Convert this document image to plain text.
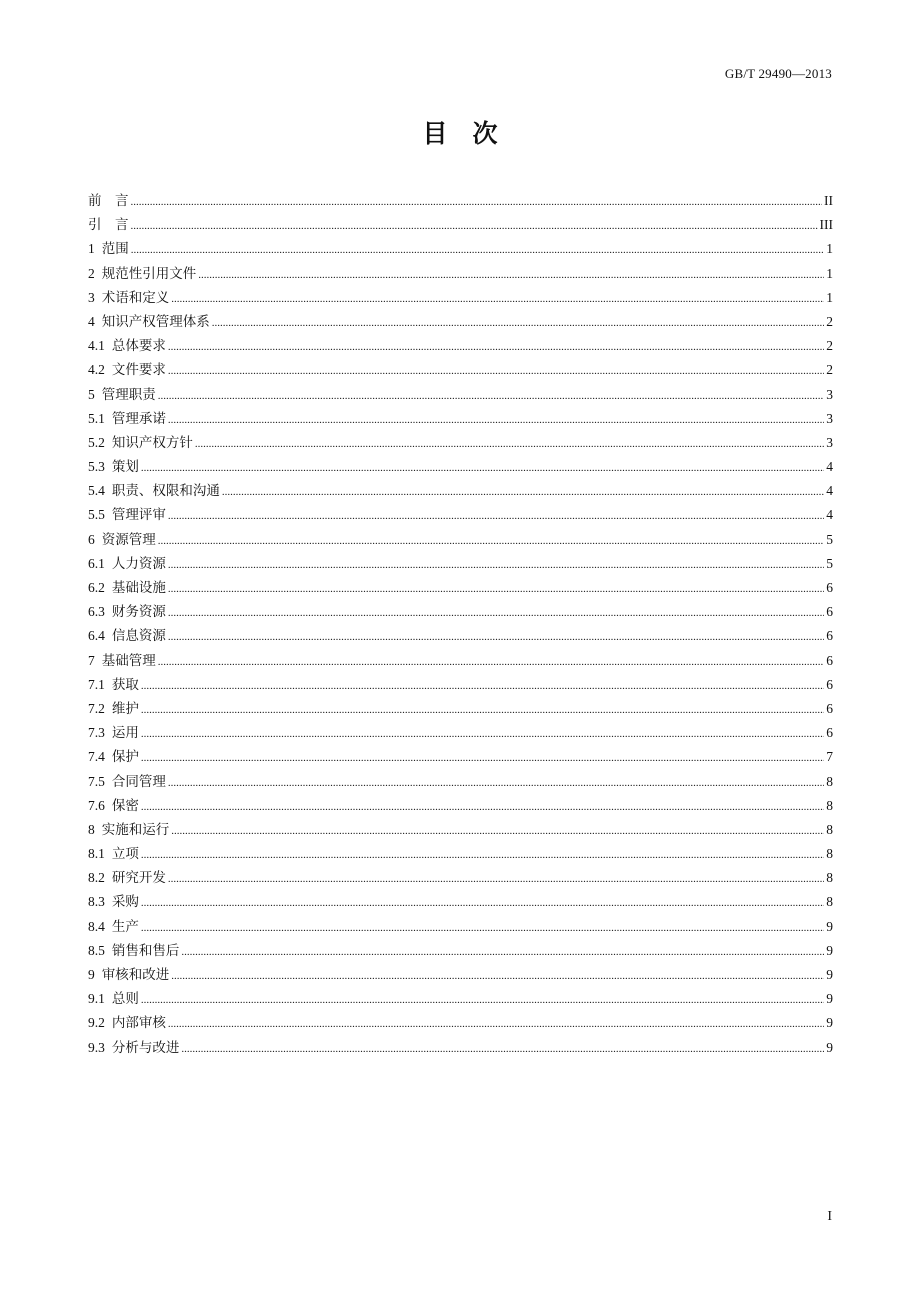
GB/T 29490—2013
目　次
前　言 .....	II
引　言 .....	III
1 范围 .....	1
2 规范性引用文件 .....	1
3 术语和定义 .....	1
4 知识产权管理体系 .....	2
4.1 总体要求 .....	2
4.2 文件要求 .....	2
5 管理职责 .....	3
5.1 管理承诺 .....	3
5.2 知识产权方针 .....	3
5.3 策划 .....	4
5.4 职责、权限和沟通 .....	4
5.5 管理评审 .....	4
6 资源管理 .....	5
6.1 人力资源 .....	5
6.2 基础设施 .....	6
6.3 财务资源 .....	6
6.4 信息资源 .....	6
7 基础管理 .....	6
7.1 获取 .....	6
7.2 维护 .....	6
7.3 运用 .....	6
7.4 保护 .....	7
7.5 合同管理 .....	8
7.6 保密 .....	8
8 实施和运行 .....	8
8.1 立项 .....	8
8.2 研究开发 .....	8
8.3 采购 .....	8
8.4 生产 .....	9
8.5 销售和售后 .....	9
9 审核和改进 .....	9
9.1 总则 .....	9
9.2 内部审核 .....	9
9.3 分析与改进 .....	9
I
